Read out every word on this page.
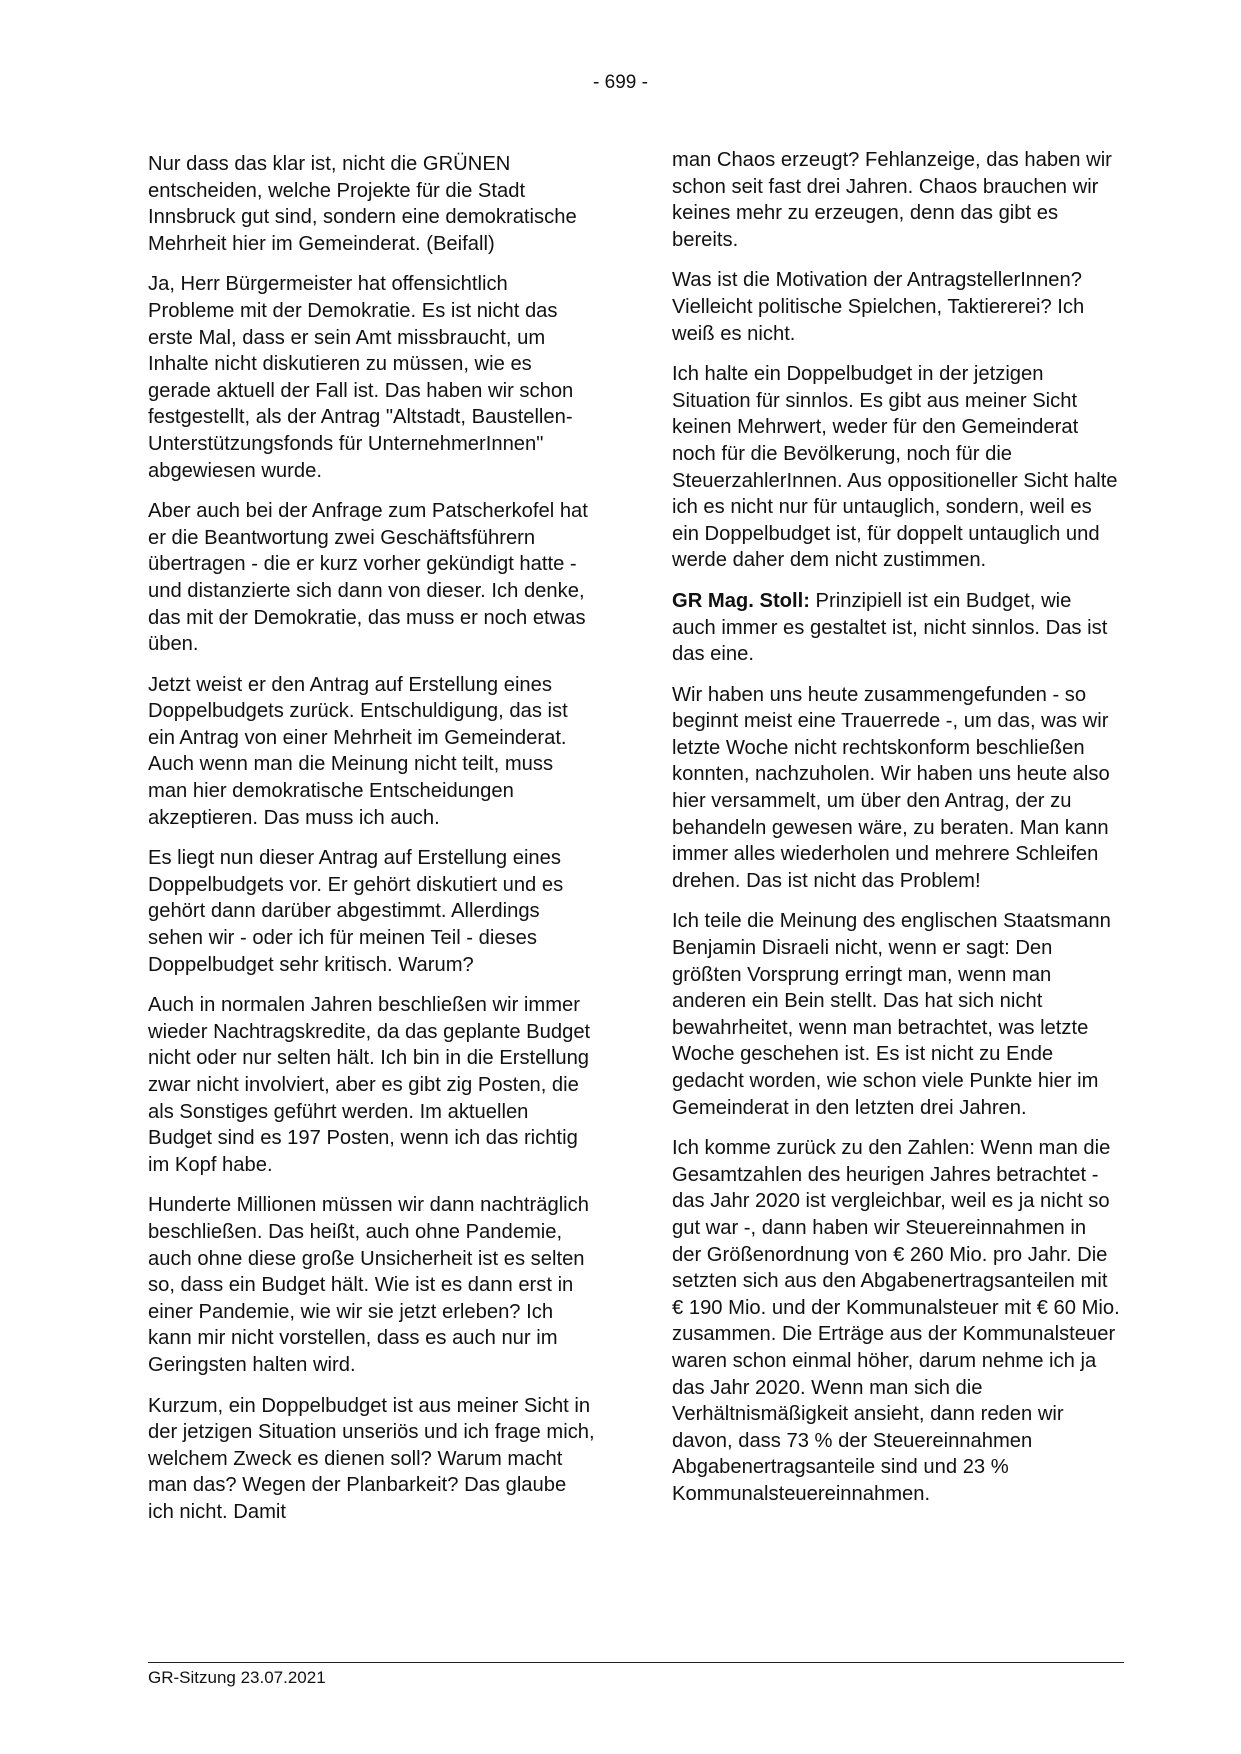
- 699 -

Nur dass das klar ist, nicht die GRÜNEN entscheiden, welche Projekte für die Stadt Innsbruck gut sind, sondern eine demokratische Mehrheit hier im Gemeinderat. (Beifall)

Ja, Herr Bürgermeister hat offensichtlich Probleme mit der Demokratie. Es ist nicht das erste Mal, dass er sein Amt missbraucht, um Inhalte nicht diskutieren zu müssen, wie es gerade aktuell der Fall ist. Das haben wir schon festgestellt, als der Antrag "Altstadt, Baustellen-Unterstützungsfonds für UnternehmerInnen" abgewiesen wurde.

Aber auch bei der Anfrage zum Patscherkofel hat er die Beantwortung zwei Geschäftsführern übertragen - die er kurz vorher gekündigt hatte - und distanzierte sich dann von dieser. Ich denke, das mit der Demokratie, das muss er noch etwas üben.

Jetzt weist er den Antrag auf Erstellung eines Doppelbudgets zurück. Entschuldigung, das ist ein Antrag von einer Mehrheit im Gemeinderat. Auch wenn man die Meinung nicht teilt, muss man hier demokratische Entscheidungen akzeptieren. Das muss ich auch.

Es liegt nun dieser Antrag auf Erstellung eines Doppelbudgets vor. Er gehört diskutiert und es gehört dann darüber abgestimmt. Allerdings sehen wir - oder ich für meinen Teil - dieses Doppelbudget sehr kritisch. Warum?

Auch in normalen Jahren beschließen wir immer wieder Nachtragskredite, da das geplante Budget nicht oder nur selten hält. Ich bin in die Erstellung zwar nicht involviert, aber es gibt zig Posten, die als Sonstiges geführt werden. Im aktuellen Budget sind es 197 Posten, wenn ich das richtig im Kopf habe.

Hunderte Millionen müssen wir dann nachträglich beschließen. Das heißt, auch ohne Pandemie, auch ohne diese große Unsicherheit ist es selten so, dass ein Budget hält. Wie ist es dann erst in einer Pandemie, wie wir sie jetzt erleben? Ich kann mir nicht vorstellen, dass es auch nur im Geringsten halten wird.

Kurzum, ein Doppelbudget ist aus meiner Sicht in der jetzigen Situation unseriös und ich frage mich, welchem Zweck es dienen soll? Warum macht man das? Wegen der Planbarkeit? Das glaube ich nicht. Damit

man Chaos erzeugt? Fehlanzeige, das haben wir schon seit fast drei Jahren. Chaos brauchen wir keines mehr zu erzeugen, denn das gibt es bereits.

Was ist die Motivation der AntragstellerInnen? Vielleicht politische Spielchen, Taktiererei? Ich weiß es nicht.

Ich halte ein Doppelbudget in der jetzigen Situation für sinnlos. Es gibt aus meiner Sicht keinen Mehrwert, weder für den Gemeinderat noch für die Bevölkerung, noch für die SteuerzahlerInnen. Aus oppositioneller Sicht halte ich es nicht nur für untauglich, sondern, weil es ein Doppelbudget ist, für doppelt untauglich und werde daher dem nicht zustimmen.

GR Mag. Stoll: Prinzipiell ist ein Budget, wie auch immer es gestaltet ist, nicht sinnlos. Das ist das eine.

Wir haben uns heute zusammengefunden - so beginnt meist eine Trauerrede -, um das, was wir letzte Woche nicht rechtskonform beschließen konnten, nachzuholen. Wir haben uns heute also hier versammelt, um über den Antrag, der zu behandeln gewesen wäre, zu beraten. Man kann immer alles wiederholen und mehrere Schleifen drehen. Das ist nicht das Problem!

Ich teile die Meinung des englischen Staatsmann Benjamin Disraeli nicht, wenn er sagt: Den größten Vorsprung erringt man, wenn man anderen ein Bein stellt. Das hat sich nicht bewahrheitet, wenn man betrachtet, was letzte Woche geschehen ist. Es ist nicht zu Ende gedacht worden, wie schon viele Punkte hier im Gemeinderat in den letzten drei Jahren.

Ich komme zurück zu den Zahlen: Wenn man die Gesamtzahlen des heurigen Jahres betrachtet - das Jahr 2020 ist vergleichbar, weil es ja nicht so gut war -, dann haben wir Steuereinnahmen in der Größenordnung von € 260 Mio. pro Jahr. Die setzten sich aus den Abgabenertragsanteilen mit € 190 Mio. und der Kommunalsteuer mit € 60 Mio. zusammen. Die Erträge aus der Kommunalsteuer waren schon einmal höher, darum nehme ich ja das Jahr 2020. Wenn man sich die Verhältnismäßigkeit ansieht, dann reden wir davon, dass 73 % der Steuereinnahmen Abgabenertragsanteile sind und 23 % Kommunalsteuereinnahmen.

GR-Sitzung 23.07.2021
